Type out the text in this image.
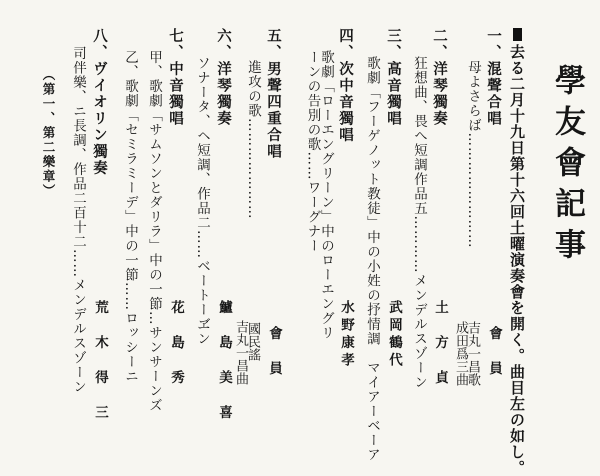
學友會記事
去る二月十九日第十六回土曜演奏會を開く。曲目左の如し。
一、混聲合唱
母よさらば……………………
會　員
吉丸一昌歌
成田爲三曲
二、洋琴獨奏
狂想曲、畏へ短調作品五…………メンデルスゾーン 土　方　貞
三、高音獨唱
歌劇「フーゲノット教徒」中の小姓の抒情調　マイアーベーア
武岡鶴代
四、次中音獨唱
歌劇「ローエングリーン」中のローエングリーンの告別の歌……ワーグナー
水野康孝
五、男聲四重合唱
進攻の歌…………………
會　員
國民謠
吉丸一昌曲
六、洋琴獨奏
ソナータ、ヘ短調、作品二……ベートーヹン 鱸　島　美　喜
七、中音獨唱
甲、歌劇「サムソンとダリラ」中の一節…サンサーンズ
乙、歌劇「セミラミーデ」中の一節……ロッシーニ 花　島　秀
八、ヴイオリン獨奏
司伴樂、ニ長調、作品二百十二……メンデルスゾーン 荒　木　得　三
（第一、第二樂章）
